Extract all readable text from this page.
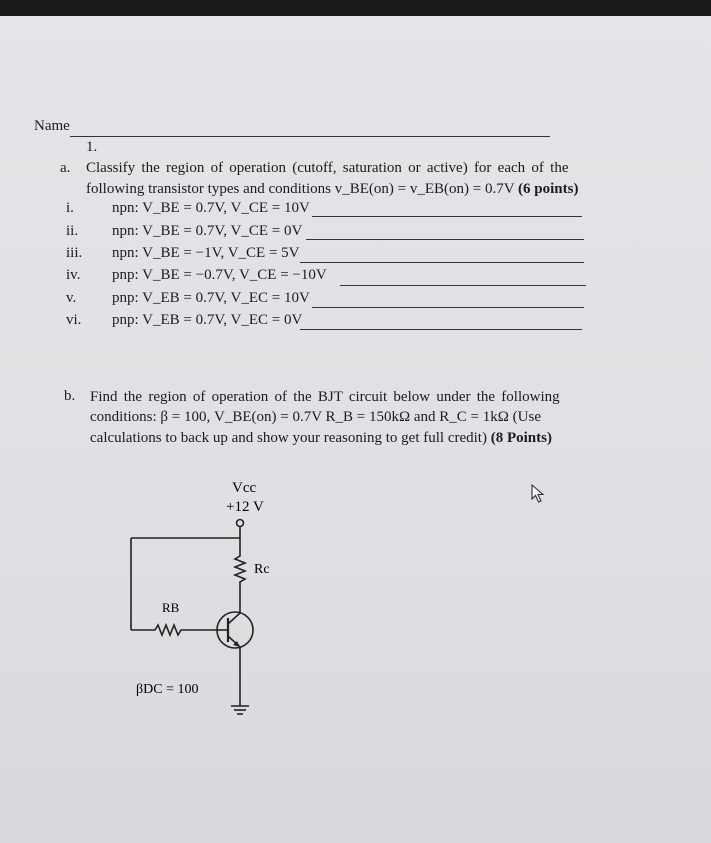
Name
1.
a. Classify the region of operation (cutoff, saturation or active) for each of the
following transistor types and conditions v_BE(on) = v_EB(on) = 0.7V (6 points)
i.	npn: V_BE = 0.7V, V_CE = 10V
ii.	npn: V_BE = 0.7V, V_CE = 0V
iii.	npn: V_BE = −1V, V_CE = 5V
iv.	pnp: V_BE = −0.7V, V_CE = −10V
v.	pnp: V_EB = 0.7V, V_EC = 10V
vi.	pnp: V_EB = 0.7V, V_EC = 0V
b. Find the region of operation of the BJT circuit below under the following
conditions: β = 100, V_BE(on) = 0.7V R_B = 150kΩ and R_C = 1kΩ (Use
calculations to back up and show your reasoning to get full credit) (8 Points)
Vcc
+12 V
Rc
RB
βDC = 100
